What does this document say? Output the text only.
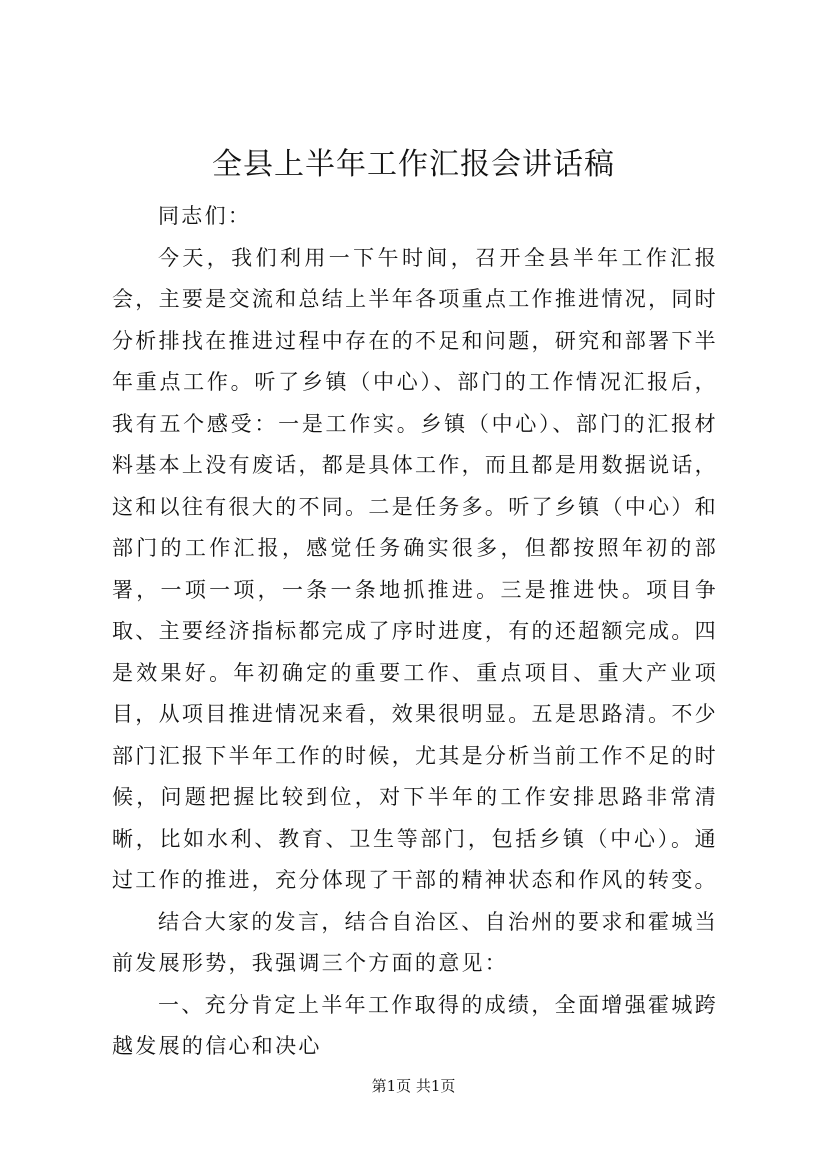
全县上半年工作汇报会讲话稿

同志们：

今天，我们利用一下午时间，召开全县半年工作汇报会，主要是交流和总结上半年各项重点工作推进情况，同时分析排找在推进过程中存在的不足和问题，研究和部署下半年重点工作。听了乡镇（中心）、部门的工作情况汇报后，我有五个感受：一是工作实。乡镇（中心）、部门的汇报材料基本上没有废话，都是具体工作，而且都是用数据说话，这和以往有很大的不同。二是任务多。听了乡镇（中心）和部门的工作汇报，感觉任务确实很多，但都按照年初的部署，一项一项，一条一条地抓推进。三是推进快。项目争取、主要经济指标都完成了序时进度，有的还超额完成。四是效果好。年初确定的重要工作、重点项目、重大产业项目，从项目推进情况来看，效果很明显。五是思路清。不少部门汇报下半年工作的时候，尤其是分析当前工作不足的时候，问题把握比较到位，对下半年的工作安排思路非常清晰，比如水利、教育、卫生等部门，包括乡镇（中心）。通过工作的推进，充分体现了干部的精神状态和作风的转变。

结合大家的发言，结合自治区、自治州的要求和霍城当前发展形势，我强调三个方面的意见：

一、充分肯定上半年工作取得的成绩，全面增强霍城跨越发展的信心和决心

第1页 共1页
